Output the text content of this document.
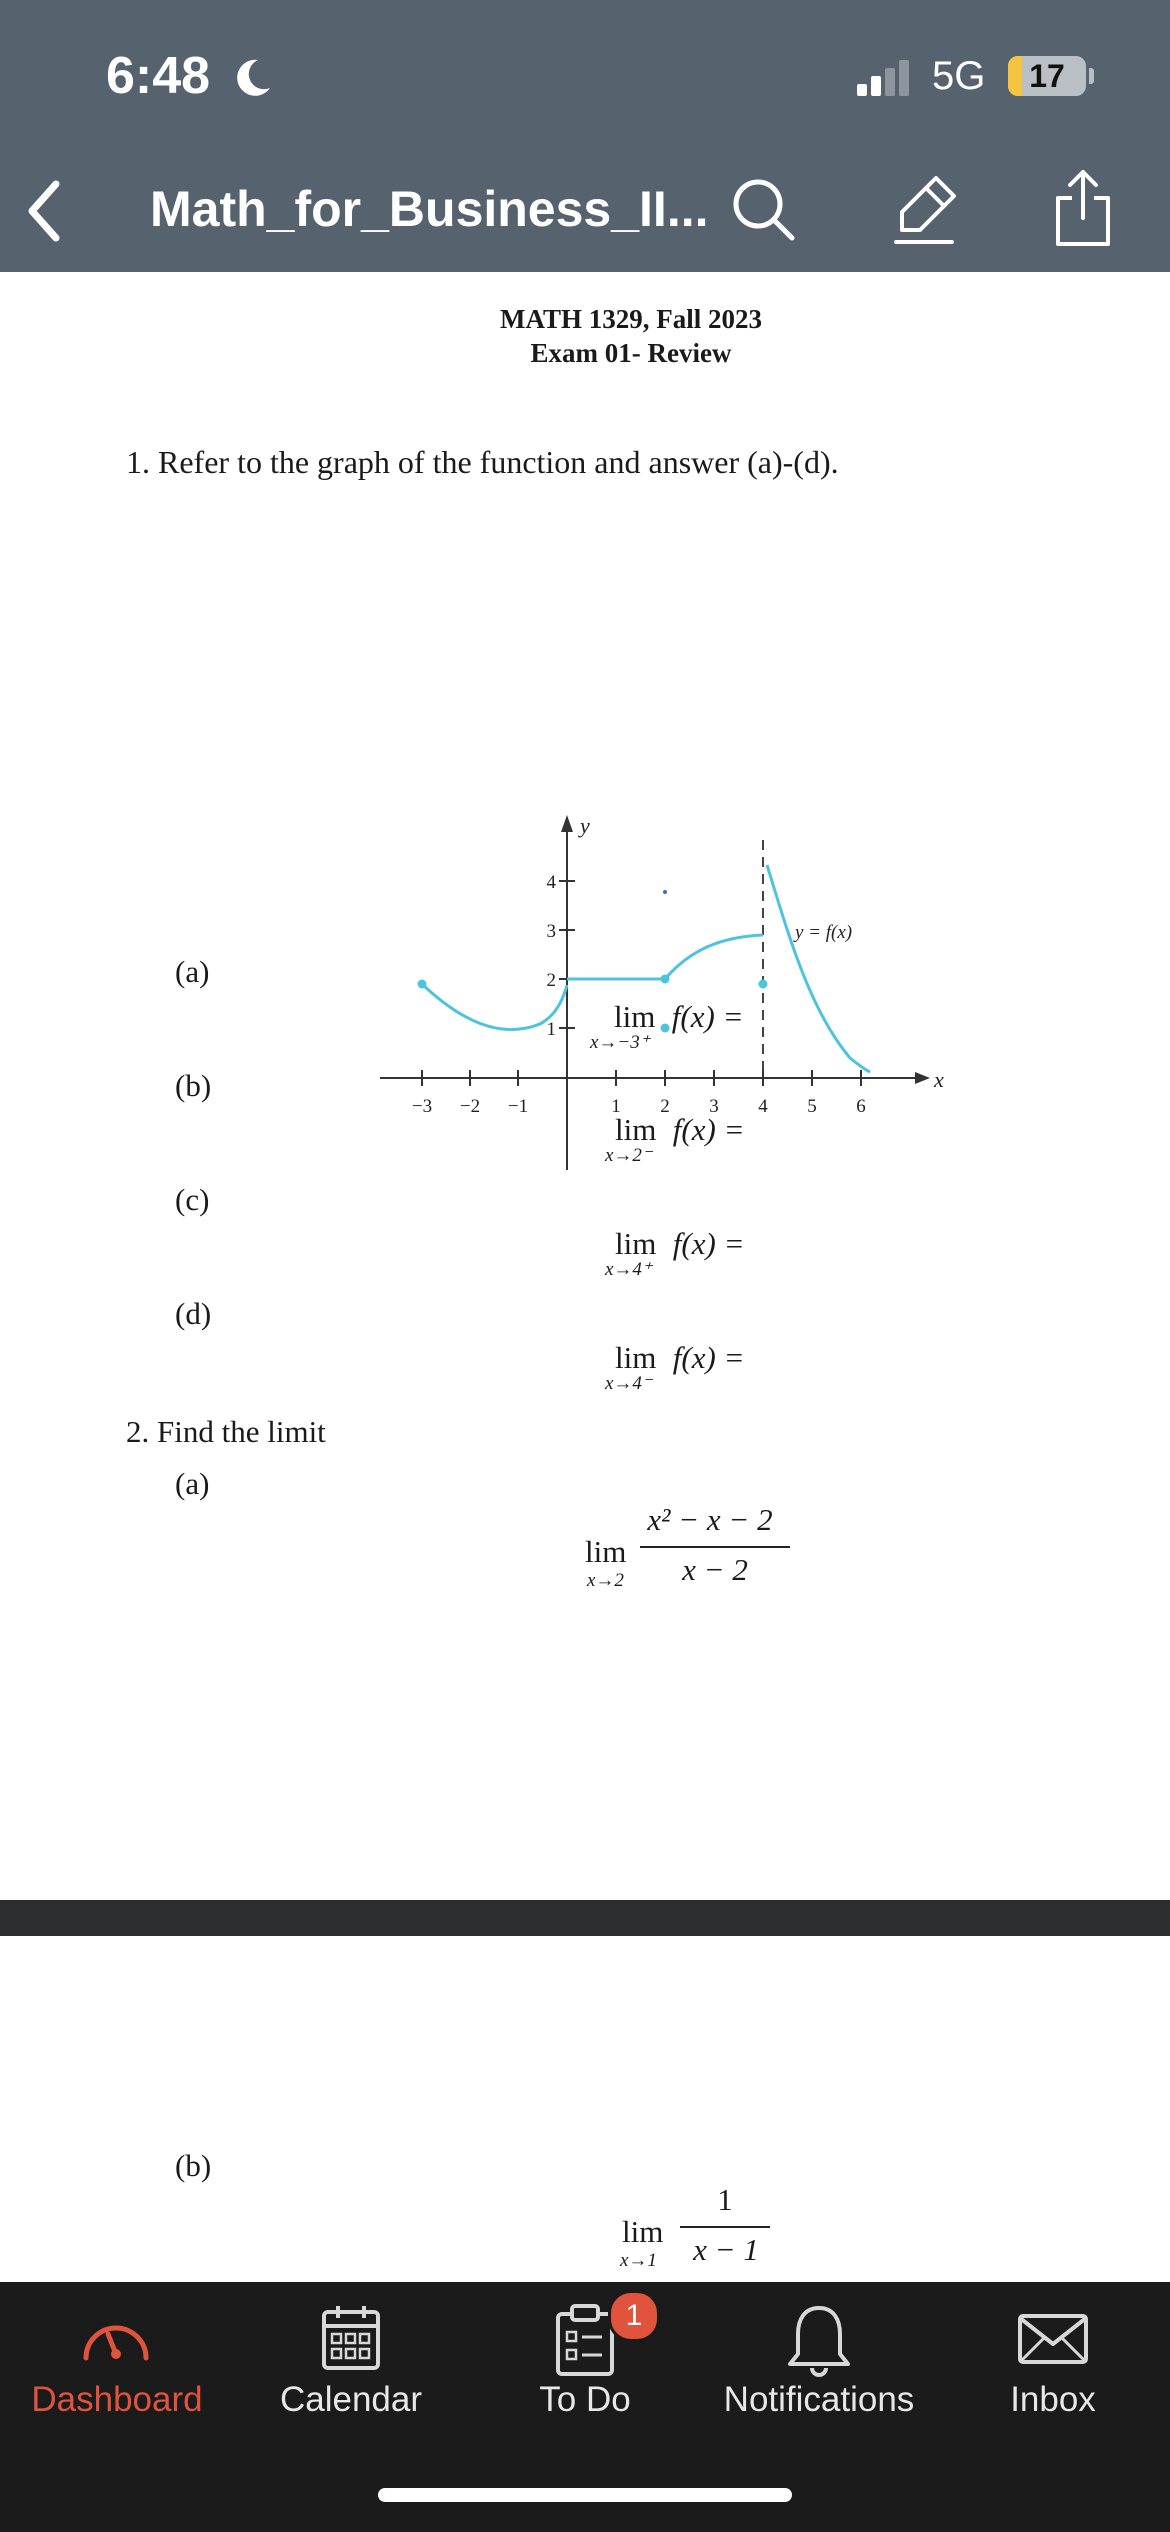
6:48	5G	17
Math_for_Business_II...
MATH 1329, Fall 2023
Exam 01- Review
1. Refer to the graph of the function and answer (a)-(d).
y
x
−3 −2 −1	1 2 3 4 5 6
1
2
3
4
y = f(x)
(a)
lim f(x) =
x→−3⁺
(b)
lim f(x) =
x→2⁻
(c)
lim f(x) =
x→4⁺
(d)
lim f(x) =
x→4⁻
2. Find the limit
(a)
lim
x→2
x² − x − 2
x − 2
(b)
lim
x→1
1
x − 1
Dashboard	Calendar
1
To Do	Notifications	Inbox
